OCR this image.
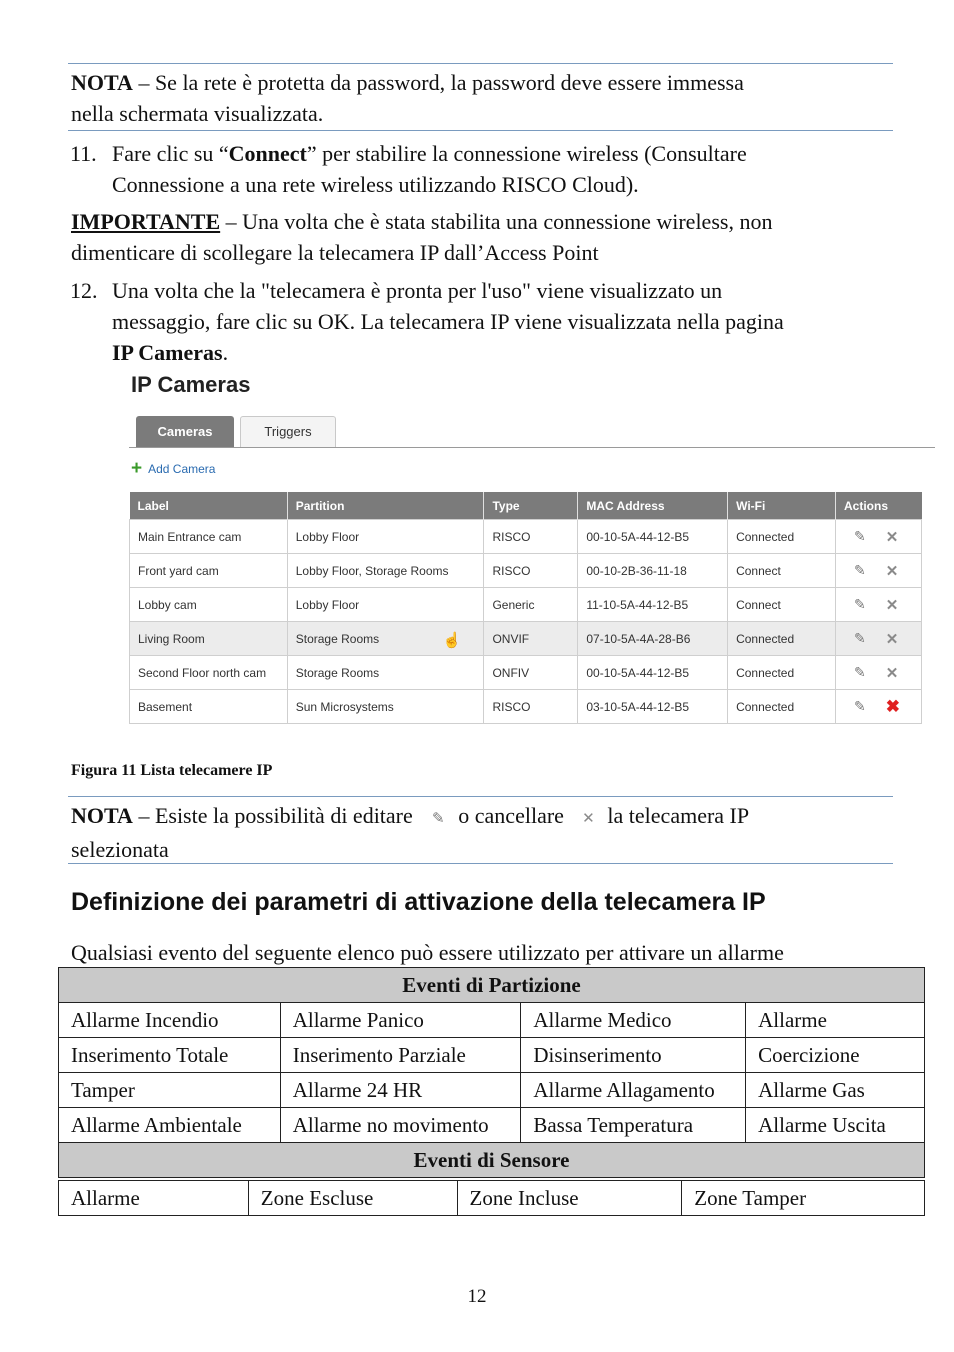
NOTA – Se la rete è protetta da password, la password deve essere immessa
nella schermata visualizzata.
11. Fare clic su “Connect” per stabilire la connessione wireless (Consultare
Connessione a una rete wireless utilizzando RISCO Cloud).
IMPORTANTE – Una volta che è stata stabilita una connessione wireless, non
dimenticare di scollegare la telecamera IP dall’Access Point
12. Una volta che la "telecamera è pronta per l'uso" viene visualizzato un
messaggio, fare clic su OK. La telecamera IP viene visualizzata nella pagina
IP Cameras.
IP Cameras
Cameras	Triggers
+ Add Camera
Label	Partition	Type	MAC Address	Wi-Fi	Actions
Main Entrance cam	Lobby Floor	RISCO	00-10-5A-44-12-B5	Connected	✎ ✕

Front yard cam	Lobby Floor, Storage Rooms	RISCO	00-10-2B-36-11-18	Connect	✎ ✕

Lobby cam	Lobby Floor	Generic	11-10-5A-44-12-B5	Connect	✎ ✕

Living Room	Storage Rooms ☝	ONVIF	07-10-5A-4A-28-B6	Connected	✎ ✕

Second Floor north cam	Storage Rooms	ONFIV	00-10-5A-44-12-B5	Connected	✎ ✕

Basement	Sun Microsystems	RISCO	03-10-5A-44-12-B5	Connected	✎ ✖
Figura 11 Lista telecamere IP
NOTA – Esiste la possibilità di editare ✎ o cancellare ✕ la telecamera IP
selezionata
Definizione dei parametri di attivazione della telecamera IP
Qualsiasi evento del seguente elenco può essere utilizzato per attivare un allarme
Eventi di Partizione			
Allarme Incendio	Allarme Panico	Allarme Medico	Allarme
Inserimento Totale	Inserimento Parziale	Disinserimento	Coercizione
Tamper	Allarme 24 HR	Allarme Allagamento	Allarme Gas
Allarme Ambientale	Allarme no movimento	Bassa Temperatura	Allarme Uscita
Eventi di Sensore			
Allarme	Zone Escluse	Zone Incluse	Zone Tamper
12
